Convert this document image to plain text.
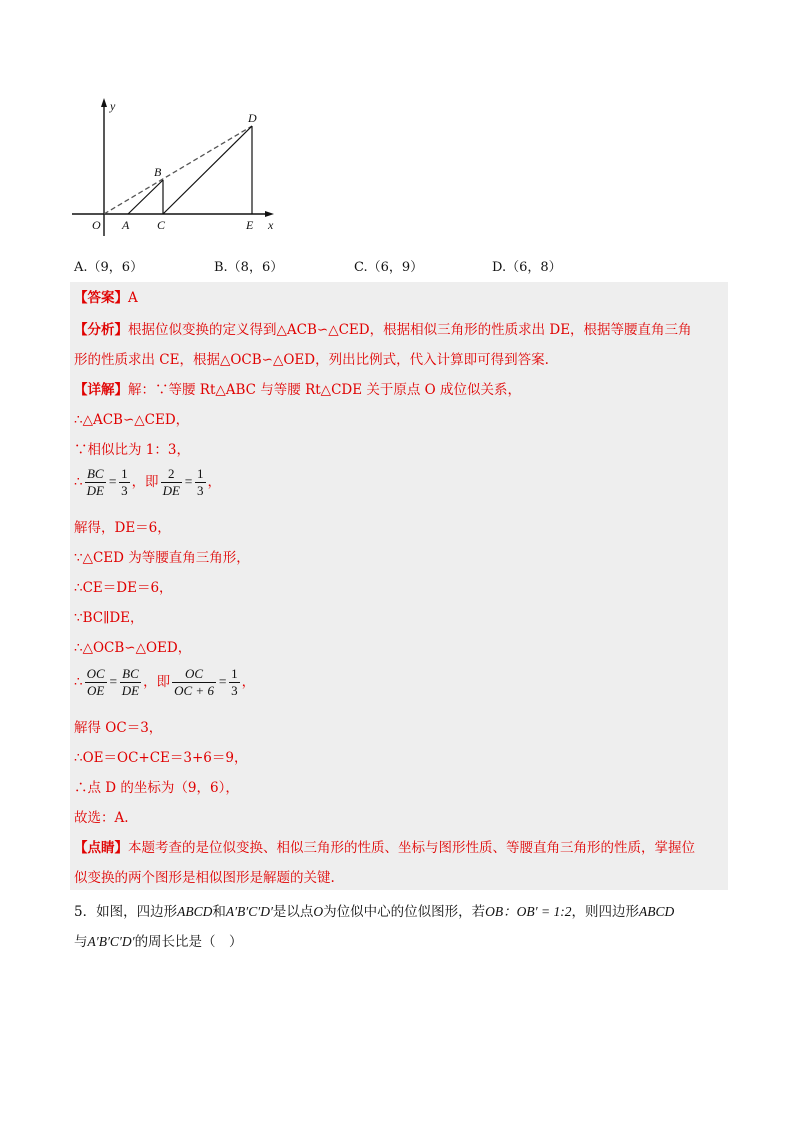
y
x
O A
B
C
D
E
A.（9，6）	B.（8，6）	C.（6，9）	D.（6，8）
【答案】A
【分析】根据位似变换的定义得到△ACB∽△CED，根据相似三角形的性质求出 DE，根据等腰直角三角
形的性质求出 CE，根据△OCB∽△OED，列出比例式，代入计算即可得到答案.
【详解】解：∵等腰 Rt△ABC 与等腰 Rt△CDE 关于原点 O 成位似关系，
∴△ACB∽△CED，
∵相似比为 1：3，
∴ $\frac{BC}{DE} = \frac{1}{3}$ ，即 $\frac{2}{DE} = \frac{1}{3}$ ，
解得，DE＝6，
∵△CED 为等腰直角三角形，
∴CE＝DE＝6，
∵BC∥DE，
∴△OCB∽△OED，
∴ $\frac{OC}{OE} = \frac{BC}{DE}$ ，即 $\frac{OC}{OC + 6} = \frac{1}{3}$ ，
解得 OC＝3，
∴OE＝OC+CE＝3+6＝9，
∴点 D 的坐标为（9，6），
故选：A.
【点睛】本题考查的是位似变换、相似三角形的性质、坐标与图形性质、等腰直角三角形的性质，掌握位
似变换的两个图形是相似图形是解题的关键.
5．如图，四边形ABCD和A′B′C′D′是以点O为位似中心的位似图形，若OB：OB′ = 1:2，则四边形ABCD
与A′B′C′D′的周长比是（　）
